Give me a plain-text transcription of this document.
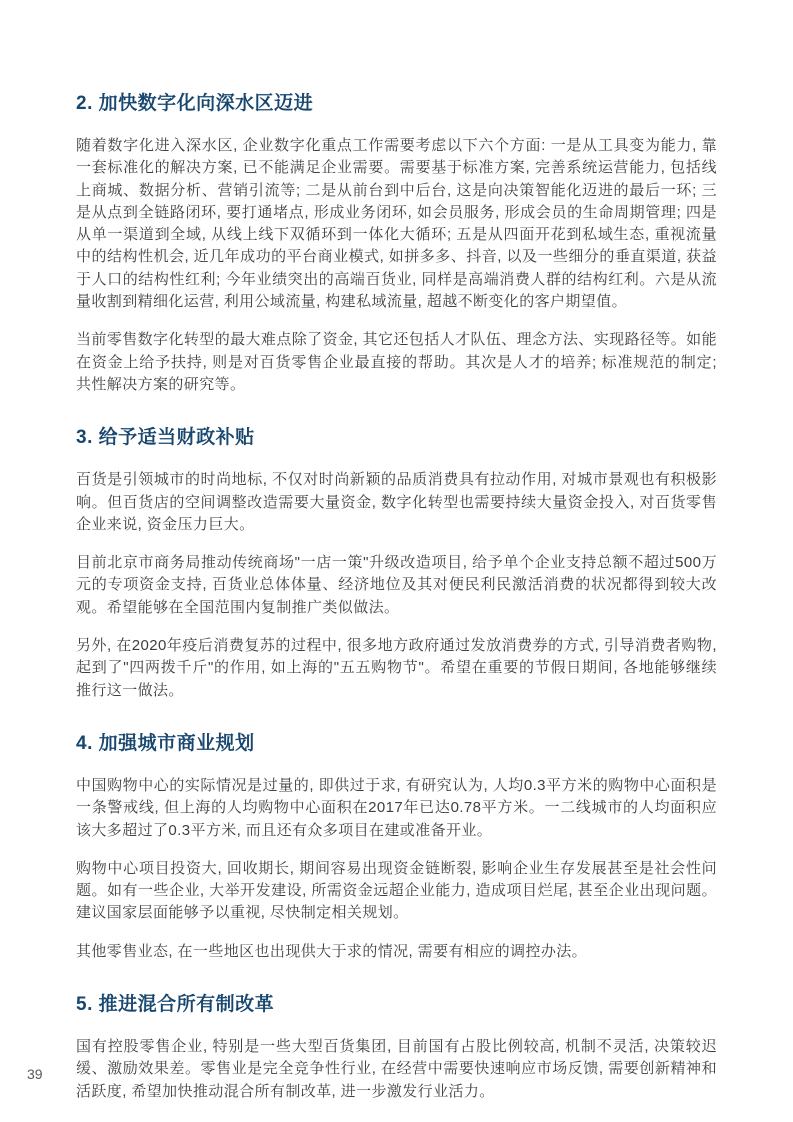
2. 加快数字化向深水区迈进

随着数字化进入深水区, 企业数字化重点工作需要考虑以下六个方面: 一是从工具变为能力, 靠一套标准化的解决方案, 已不能满足企业需要。需要基于标准方案, 完善系统运营能力, 包括线上商城、数据分析、营销引流等; 二是从前台到中后台, 这是向决策智能化迈进的最后一环; 三是从点到全链路闭环, 要打通堵点, 形成业务闭环, 如会员服务, 形成会员的生命周期管理; 四是从单一渠道到全域, 从线上线下双循环到一体化大循环; 五是从四面开花到私域生态, 重视流量中的结构性机会, 近几年成功的平台商业模式, 如拼多多、抖音, 以及一些细分的垂直渠道, 获益于人口的结构性红利; 今年业绩突出的高端百货业, 同样是高端消费人群的结构红利。六是从流量收割到精细化运营, 利用公域流量, 构建私域流量, 超越不断变化的客户期望值。

当前零售数字化转型的最大难点除了资金, 其它还包括人才队伍、理念方法、实现路径等。如能在资金上给予扶持, 则是对百货零售企业最直接的帮助。其次是人才的培养; 标准规范的制定; 共性解决方案的研究等。

3. 给予适当财政补贴

百货是引领城市的时尚地标, 不仅对时尚新颖的品质消费具有拉动作用, 对城市景观也有积极影响。但百货店的空间调整改造需要大量资金, 数字化转型也需要持续大量资金投入, 对百货零售企业来说, 资金压力巨大。

目前北京市商务局推动传统商场"一店一策"升级改造项目, 给予单个企业支持总额不超过500万元的专项资金支持, 百货业总体体量、经济地位及其对便民利民激活消费的状况都得到较大改观。希望能够在全国范围内复制推广类似做法。

另外, 在2020年疫后消费复苏的过程中, 很多地方政府通过发放消费券的方式, 引导消费者购物, 起到了"四两拨千斤"的作用, 如上海的"五五购物节"。希望在重要的节假日期间, 各地能够继续推行这一做法。

4. 加强城市商业规划

中国购物中心的实际情况是过量的, 即供过于求, 有研究认为, 人均0.3平方米的购物中心面积是一条警戒线, 但上海的人均购物中心面积在2017年已达0.78平方米。一二线城市的人均面积应该大多超过了0.3平方米, 而且还有众多项目在建或准备开业。

购物中心项目投资大, 回收期长, 期间容易出现资金链断裂, 影响企业生存发展甚至是社会性问题。如有一些企业, 大举开发建设, 所需资金远超企业能力, 造成项目烂尾, 甚至企业出现问题。建议国家层面能够予以重视, 尽快制定相关规划。

其他零售业态, 在一些地区也出现供大于求的情况, 需要有相应的调控办法。

5. 推进混合所有制改革

国有控股零售企业, 特别是一些大型百货集团, 目前国有占股比例较高, 机制不灵活, 决策较迟缓、激励效果差。零售业是完全竞争性行业, 在经营中需要快速响应市场反馈, 需要创新精神和活跃度, 希望加快推动混合所有制改革, 进一步激发行业活力。

39
